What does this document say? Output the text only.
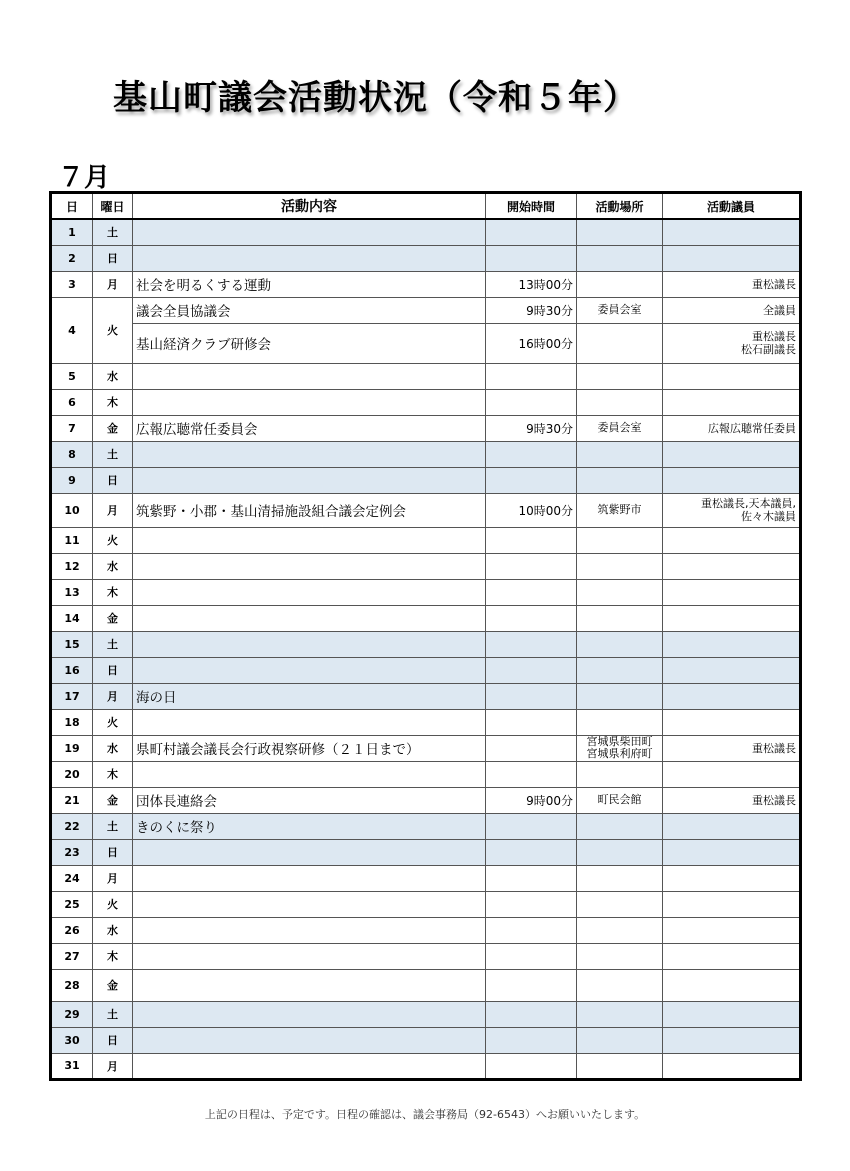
基山町議会活動状況（令和５年）
７月
日	曜日	活動内容	開始時間	活動場所	活動議員
1	土				
2	日				
3	月	社会を明るくする運動	13時00分		重松議長
4	火	議会全員協議会	9時30分	委員会室	全議員
		基山経済クラブ研修会	16時00分		重松議長
松石副議長
5	水				
6	木				
7	金	広報広聴常任委員会	9時30分	委員会室	広報広聴常任委員
8	土				
9	日				
10	月	筑紫野・小郡・基山清掃施設組合議会定例会	10時00分	筑紫野市	重松議長,天本議員,
佐々木議員
11	火				
12	水				
13	木				
14	金				
15	土				
16	日				
17	月	海の日			
18	火				
19	水	県町村議会議長会行政視察研修（２１日まで）		宮城県柴田町
宮城県利府町	重松議長
20	木				
21	金	団体長連絡会	9時00分	町民会館	重松議長
22	土	きのくに祭り			
23	日				
24	月				
25	火				
26	水				
27	木				
28	金				
29	土				
30	日				
31	月				
上記の日程は、予定です。日程の確認は、議会事務局（92-6543）へお願いいたします。
